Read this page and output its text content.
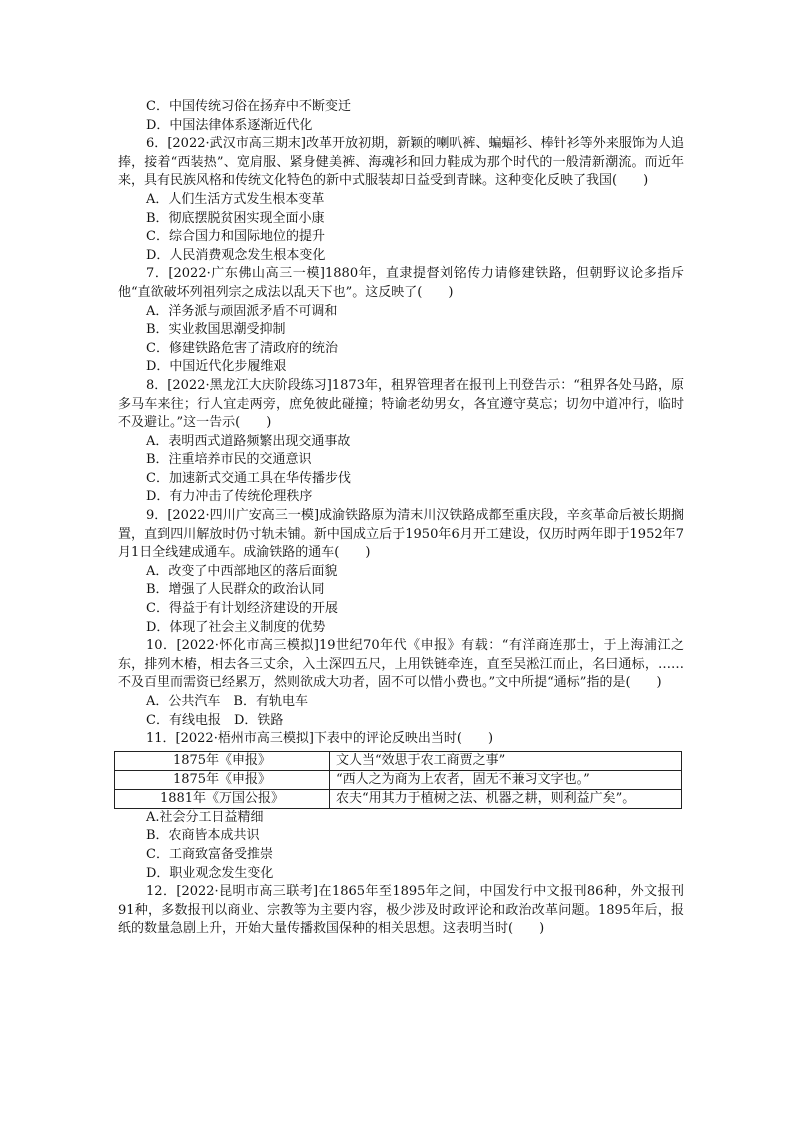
C．中国传统习俗在扬弃中不断变迁
D．中国法律体系逐渐近代化
6．[2022·武汉市高三期末]改革开放初期，新颖的喇叭裤、蝙蝠衫、棒针衫等外来服饰为人追捧，接着“西装热”、宽肩服、紧身健美裤、海魂衫和回力鞋成为那个时代的一般清新潮流。而近年来，具有民族风格和传统文化特色的新中式服装却日益受到青睐。这种变化反映了我国(　　)
A．人们生活方式发生根本变革
B．彻底摆脱贫困实现全面小康
C．综合国力和国际地位的提升
D．人民消费观念发生根本变化
7．[2022·广东佛山高三一模]1880年，直隶提督刘铭传力请修建铁路，但朝野议论多指斥他“直欲破坏列祖列宗之成法以乱天下也”。这反映了(　　)
A．洋务派与顽固派矛盾不可调和
B．实业救国思潮受抑制
C．修建铁路危害了清政府的统治
D．中国近代化步履维艰
8．[2022·黑龙江大庆阶段练习]1873年，租界管理者在报刊上刊登告示：“租界各处马路，原多马车来往；行人宜走两旁，庶免彼此碰撞；特谕老幼男女，各宜遵守莫忘；切勿中道冲行，临时不及避让。”这一告示(　　)
A．表明西式道路频繁出现交通事故
B．注重培养市民的交通意识
C．加速新式交通工具在华传播步伐
D．有力冲击了传统伦理秩序
9．[2022·四川广安高三一模]成渝铁路原为清末川汉铁路成都至重庆段，辛亥革命后被长期搁置，直到四川解放时仍寸轨未铺。新中国成立后于1950年6月开工建设，仅历时两年即于1952年7月1日全线建成通车。成渝铁路的通车(　　)
A．改变了中西部地区的落后面貌
B．增强了人民群众的政治认同
C．得益于有计划经济建设的开展
D．体现了社会主义制度的优势
10．[2022·怀化市高三模拟]19世纪70年代《申报》有载：“有洋商连那士，于上海浦江之东，排列木樁，相去各三丈余，入土深四五尺，上用铁链牵连，直至吴淞江而止，名曰通标，……不及百里而需资已经累万，然则欲成大功者，固不可以惜小费也。”文中所提“通标”指的是(　　)
A．公共汽车　B．有轨电车
C．有线电报　D．铁路
11．[2022·梧州市高三模拟]下表中的评论反映出当时(　　)
1875年《申报》	文人当“效思于农工商贾之事”
1875年《申报》	“西人之为商为上农者，固无不兼习文字也。”
1881年《万国公报》	农夫“用其力于植树之法、机器之耕，则利益广矣”。
A.社会分工日益精细
B．农商皆本成共识
C．工商致富备受推崇
D．职业观念发生变化
12．[2022·昆明市高三联考]在1865年至1895年之间，中国发行中文报刊86种，外文报刊91种，多数报刊以商业、宗教等为主要内容，极少涉及时政评论和政治改革问题。1895年后，报纸的数量急剧上升，开始大量传播救国保种的相关思想。这表明当时(　　)
